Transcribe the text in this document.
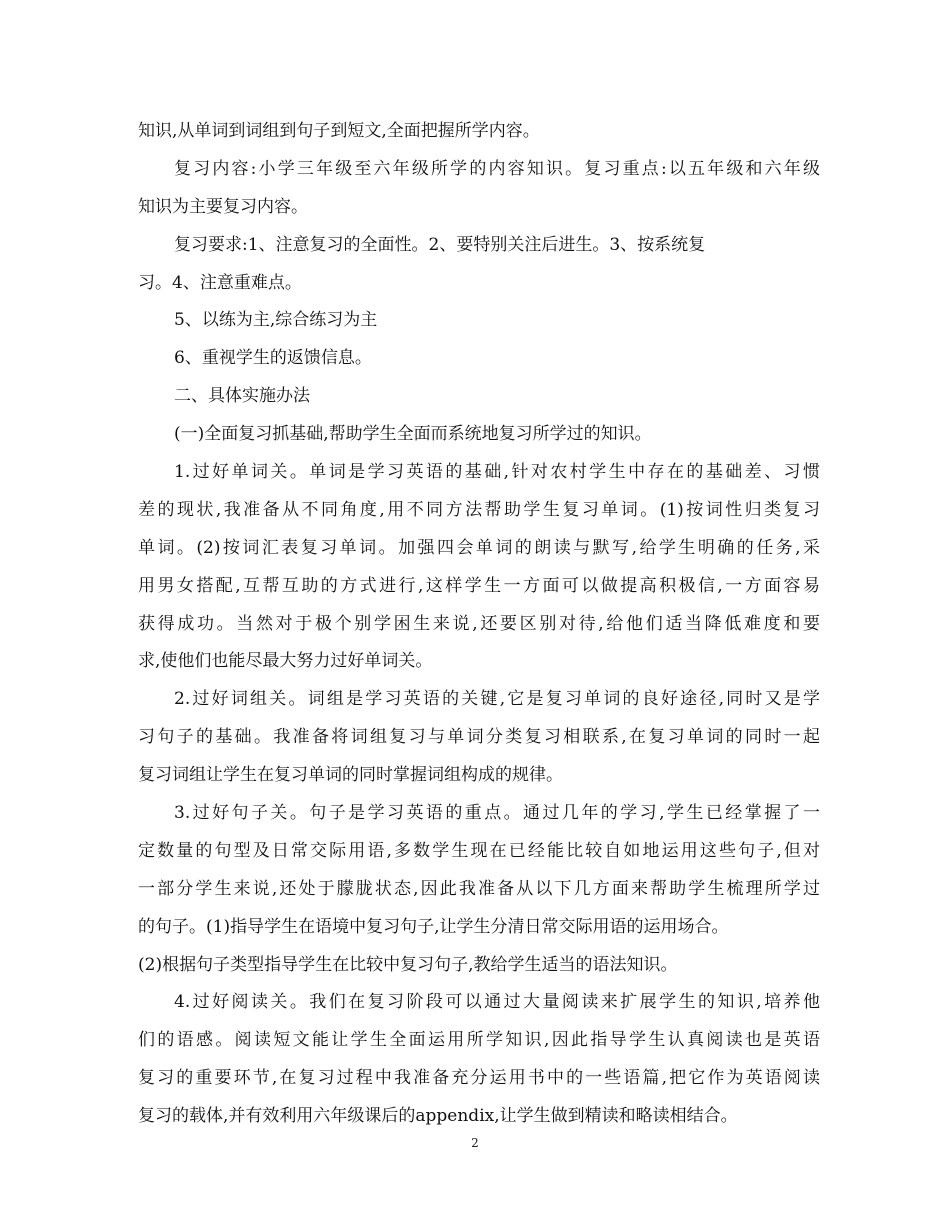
知识,从单词到词组到句子到短文,全面把握所学内容。
复习内容:小学三年级至六年级所学的内容知识。复习重点:以五年级和六年级
知识为主要复习内容。
复习要求:1、注意复习的全面性。2、要特别关注后进生。3、按系统复
习。4、注意重难点。
5、以练为主,综合练习为主
6、重视学生的返馈信息。
二、具体实施办法
(一)全面复习抓基础,帮助学生全面而系统地复习所学过的知识。
1.过好单词关。单词是学习英语的基础,针对农村学生中存在的基础差、习惯
差的现状,我准备从不同角度,用不同方法帮助学生复习单词。(1)按词性归类复习
单词。(2)按词汇表复习单词。加强四会单词的朗读与默写,给学生明确的任务,采
用男女搭配,互帮互助的方式进行,这样学生一方面可以做提高积极信,一方面容易
获得成功。当然对于极个别学困生来说,还要区别对待,给他们适当降低难度和要
求,使他们也能尽最大努力过好单词关。
2.过好词组关。词组是学习英语的关键,它是复习单词的良好途径,同时又是学
习句子的基础。我准备将词组复习与单词分类复习相联系,在复习单词的同时一起
复习词组让学生在复习单词的同时掌握词组构成的规律。
3.过好句子关。句子是学习英语的重点。通过几年的学习,学生已经掌握了一
定数量的句型及日常交际用语,多数学生现在已经能比较自如地运用这些句子,但对
一部分学生来说,还处于朦胧状态,因此我准备从以下几方面来帮助学生梳理所学过
的句子。(1)指导学生在语境中复习句子,让学生分清日常交际用语的运用场合。
(2)根据句子类型指导学生在比较中复习句子,教给学生适当的语法知识。
4.过好阅读关。我们在复习阶段可以通过大量阅读来扩展学生的知识,培养他
们的语感。阅读短文能让学生全面运用所学知识,因此指导学生认真阅读也是英语
复习的重要环节,在复习过程中我准备充分运用书中的一些语篇,把它作为英语阅读
复习的载体,并有效利用六年级课后的appendix,让学生做到精读和略读相结合。
2
